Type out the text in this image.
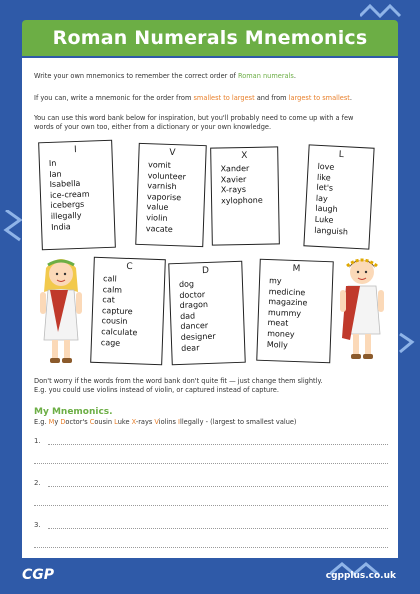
Roman Numerals Mnemonics
Write your own mnemonics to remember the correct order of Roman numerals.
If you can, write a mnemonic for the order from smallest to largest and from largest to smallest.
You can use this word bank below for inspiration, but you'll probably need to come up with a few
words of your own too, either from a dictionary or your own knowledge.
I
In
Ian
Isabella
ice-cream
icebergs
illegally
India
V
vomit
volunteer
varnish
vaporise
value
violin
vacate
X
Xander
Xavier
X-rays
xylophone
L
love
like
let's
lay
laugh
Luke
languish
C
call
calm
cat
capture
cousin
calculate
cage
D
dog
doctor
dragon
dad
dancer
designer
dear
M
my
medicine
magazine
mummy
meat
money
Molly
Don't worry if the words from the word bank don't quite fit — just change them slightly.
E.g. you could use violins instead of violin, or captured instead of capture.
My Mnemonics.
E.g. My Doctor's Cousin Luke X-rays Violins Illegally - (largest to smallest value)
1.
2.
3.
CGP	cgpplus.co.uk
